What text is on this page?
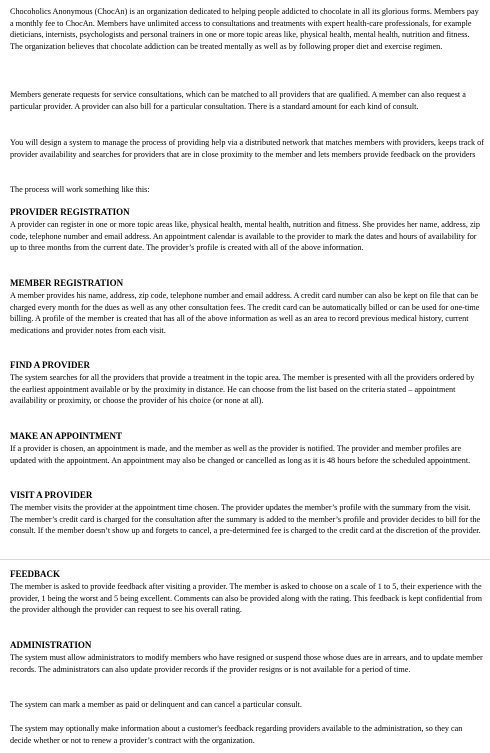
Chocoholics Anonymous (ChocAn) is an organization dedicated to helping people addicted to chocolate in all its glorious forms. Members pay a monthly fee to ChocAn. Members have unlimited access to consultations and treatments with expert health-care professionals, for example dieticians, internists, psychologists and personal trainers in one or more topic areas like, physical health, mental health, nutrition and fitness. The organization believes that chocolate addiction can be treated mentally as well as by following proper diet and exercise regimen.

Members generate requests for service consultations, which can be matched to all providers that are qualified. A member can also request a particular provider. A provider can also bill for a particular consultation. There is a standard amount for each kind of consult.

You will design a system to manage the process of providing help via a distributed network that matches members with providers, keeps track of provider availability and searches for providers that are in close proximity to the member and lets members provide feedback on the providers

The process will work something like this:

PROVIDER REGISTRATION

A provider can register in one or more topic areas like, physical health, mental health, nutrition and fitness. She provides her name, address, zip code, telephone number and email address. An appointment calendar is available to the provider to mark the dates and hours of availability for up to three months from the current date. The provider’s profile is created with all of the above information.

MEMBER REGISTRATION

A member provides his name, address, zip code, telephone number and email address. A credit card number can also be kept on file that can be charged every month for the dues as well as any other consultation fees. The credit card can be automatically billed or can be used for one-time billing. A profile of the member is created that has all of the above information as well as an area to record previous medical history, current medications and provider notes from each visit.

FIND A PROVIDER

The system searches for all the providers that provide a treatment in the topic area. The member is presented with all the providers ordered by the earliest appointment available or by the proximity in distance. He can choose from the list based on the criteria stated – appointment availability or proximity, or choose the provider of his choice (or none at all).

MAKE AN APPOINTMENT

If a provider is chosen, an appointment is made, and the member as well as the provider is notified. The provider and member profiles are updated with the appointment. An appointment may also be changed or cancelled as long as it is 48 hours before the scheduled appointment.

VISIT A PROVIDER

The member visits the provider at the appointment time chosen. The provider updates the member’s profile with the summary from the visit. The member’s credit card is charged for the consultation after the summary is added to the member’s profile and provider decides to bill for the consult. If the member doesn’t show up and forgets to cancel, a pre-determined fee is charged to the credit card at the discretion of the provider.

FEEDBACK

The member is asked to provide feedback after visiting a provider. The member is asked to choose on a scale of 1 to 5, their experience with the provider, 1 being the worst and 5 being excellent. Comments can also be provided along with the rating. This feedback is kept confidential from the provider although the provider can request to see his overall rating.

ADMINISTRATION

The system must allow administrators to modify members who have resigned or suspend those whose dues are in arrears, and to update member records. The administrators can also update provider records if the provider resigns or is not available for a period of time.

The system can mark a member as paid or delinquent and can cancel a particular consult.

The system may optionally make information about a customer's feedback regarding providers available to the administration, so they can decide whether or not to renew a provider’s contract with the organization.
